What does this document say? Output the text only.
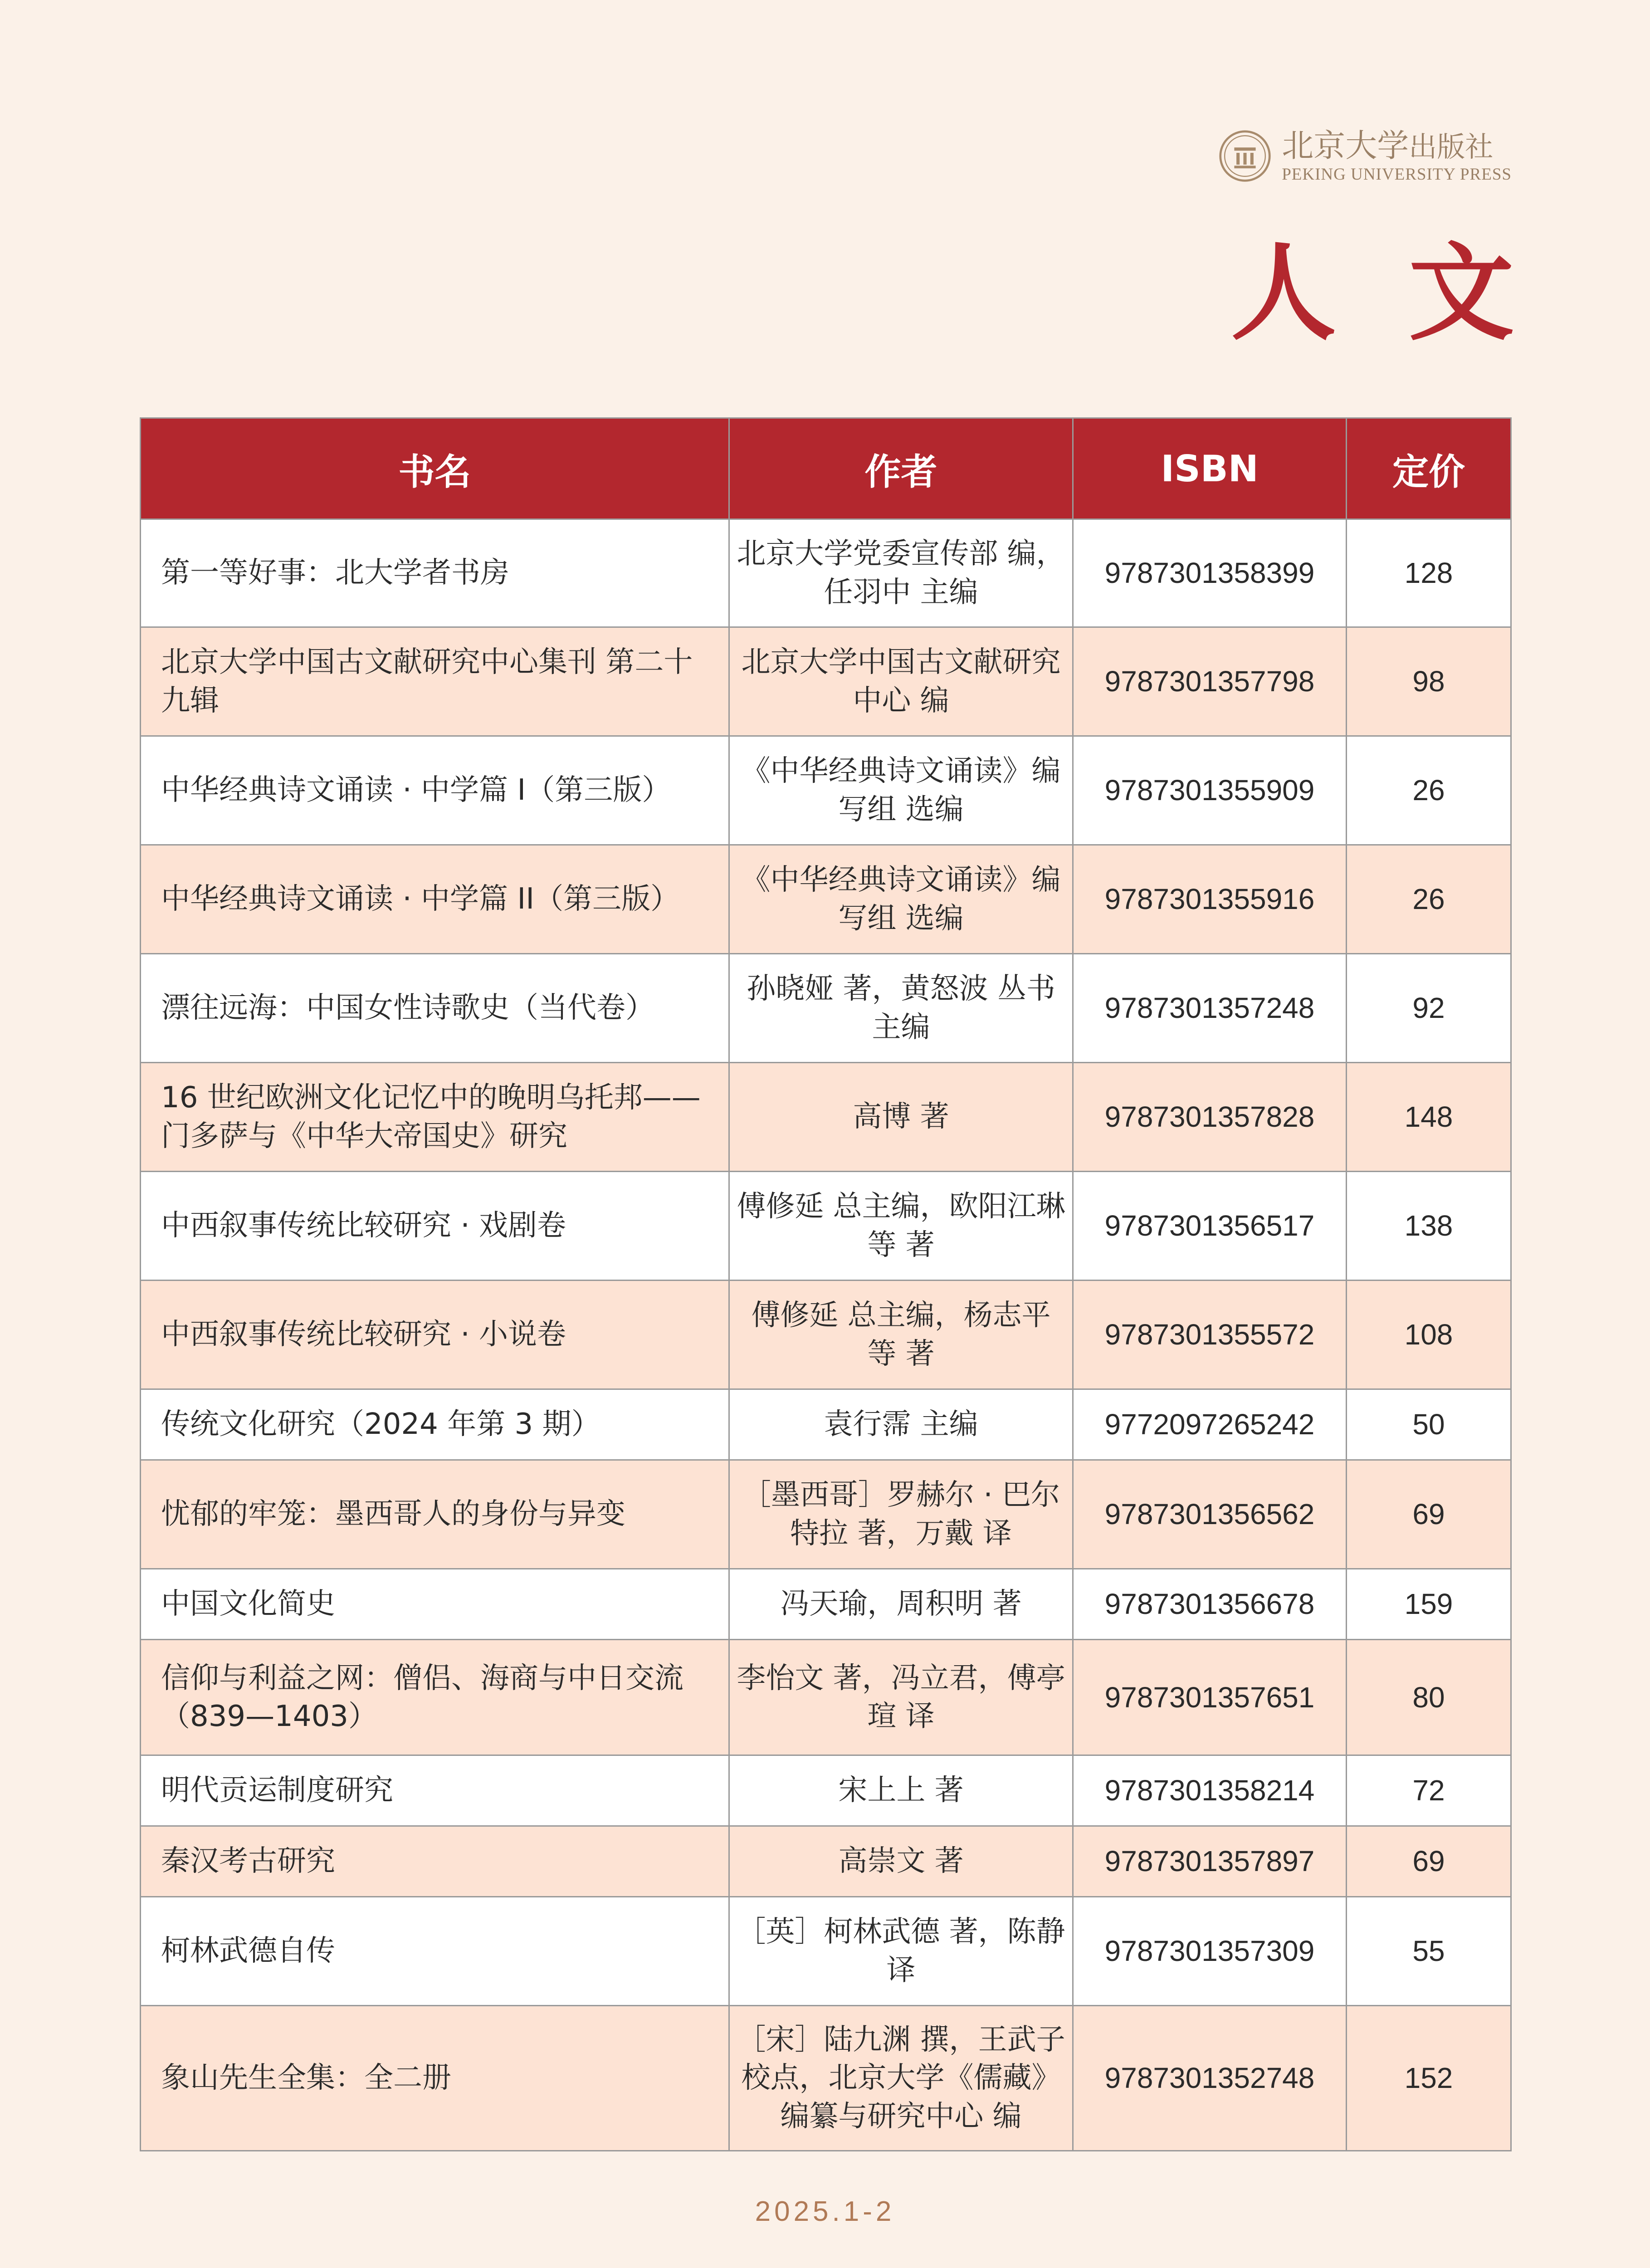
北京大学出版社
PEKING UNIVERSITY PRESS
人文
书名	作者	ISBN	定价
第一等好事：北大学者书房	北京大学党委宣传部 编，任羽中 主编	9787301358399	128
北京大学中国古文献研究中心集刊 第二十九辑	北京大学中国古文献研究中心 编	9787301357798	98
中华经典诗文诵读 · 中学篇 I（第三版）	《中华经典诗文诵读》编写组 选编	9787301355909	26
中华经典诗文诵读 · 中学篇 II（第三版）	《中华经典诗文诵读》编写组 选编	9787301355916	26
漂往远海：中国女性诗歌史（当代卷）	孙晓娅 著，黄怒波 丛书主编	9787301357248	92
16 世纪欧洲文化记忆中的晚明乌托邦——门多萨与《中华大帝国史》研究	高博 著	9787301357828	148
中西叙事传统比较研究 · 戏剧卷	傅修延 总主编，欧阳江琳 等 著	9787301356517	138
中西叙事传统比较研究 · 小说卷	傅修延 总主编，杨志平 等 著	9787301355572	108
传统文化研究（2024 年第 3 期）	袁行霈 主编	9772097265242	50
忧郁的牢笼：墨西哥人的身份与异变	［墨西哥］罗赫尔 · 巴尔特拉 著，万戴 译	9787301356562	69
中国文化简史	冯天瑜，周积明 著	9787301356678	159
信仰与利益之网：僧侣、海商与中日交流（839—1403）	李怡文 著，冯立君，傅亭瑄 译	9787301357651	80
明代贡运制度研究	宋上上 著	9787301358214	72
秦汉考古研究	高崇文 著	9787301357897	69
柯林武德自传	［英］柯林武德 著，陈静 译	9787301357309	55
象山先生全集：全二册	［宋］陆九渊 撰，王武子校点，北京大学《儒藏》编纂与研究中心 编	9787301352748	152
2025.1-2
